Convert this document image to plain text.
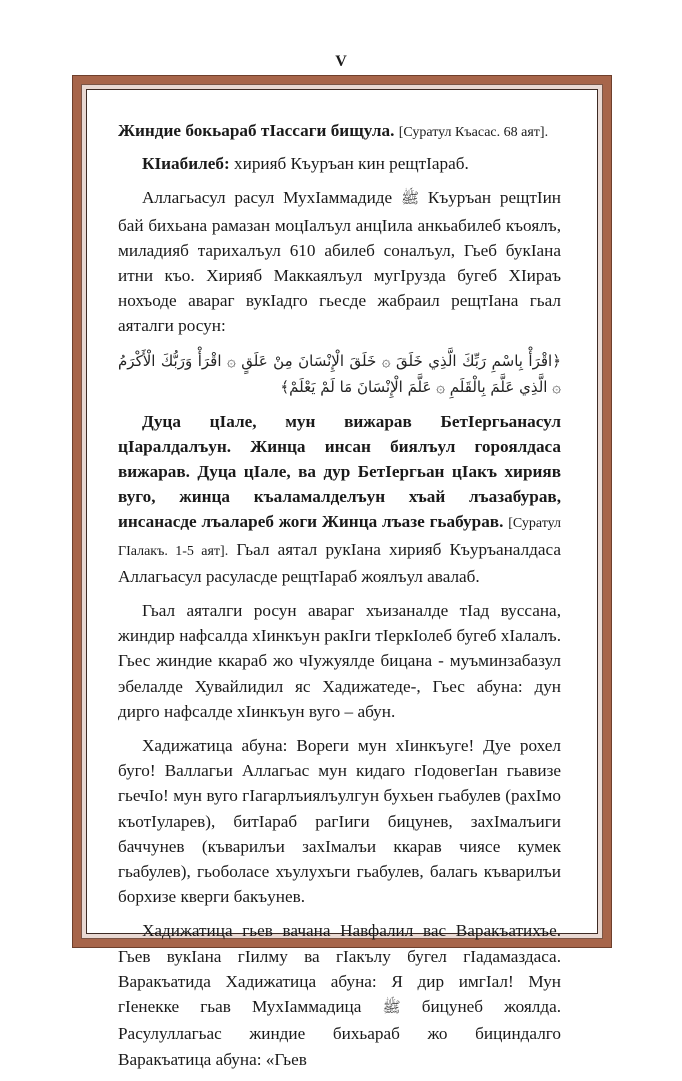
V

Жиндие бокьараб тIассаги бищула. [Суратул Къасас. 68 аят].

КIиабилеб: хирияб Къуръан кин рещтIараб.

Аллагьасул расул МухIаммадиде ﷺ Къуръан рещтIин бай бихьана рамазан моцIалъул анцIила анкьабилеб къоялъ, миладияб тарихалъул 610 абилеб соналъул, Гьеб букIана итни къо. Хирияб Маккаялъул мугIрузда бугеб ХIираъ нохъоде авараг вукIадго гьесде жабраил рещтIана гьал аяталги росун:

﴿اقْرَأْ بِاسْمِ رَبِّكَ الَّذِي خَلَقَ ۞ خَلَقَ الْإِنْسَانَ مِنْ عَلَقٍ ۞ اقْرَأْ وَرَبُّكَ الْأَكْرَمُ ۞ الَّذِي عَلَّمَ بِالْقَلَمِ ۞ عَلَّمَ الْإِنْسَانَ مَا لَمْ يَعْلَمْ﴾

Дуца цIале, мун вижарав БетIергьанасул цIаралдалъун. Жинца инсан биялъул гороялдаса вижарав. Дуца цIале, ва дур БетIергьан цIакъ хирияв вуго, жинца къаламалделъун хъай лъазабурав, инсанасде лъалареб жоги Жинца лъазе гьабурав. [Суратул ГIалакъ. 1-5 аят]. Гьал аятал рукIана хирияб Къуръаналдаса Аллагьасул расуласде рещтIараб жоялъул авалаб.

Гьал аяталги росун авараг хъизаналде тIад вуссана, жиндир нафсалда хIинкъун ракIги тIеркIолеб бугеб хIалалъ. Гьес жиндие ккараб жо чIужуялде бицана - муъминзабазул эбелалде Хувайлидил яс Хадижатеде-, Гьес абуна: дун дирго нафсалде хIинкъун вуго – абун.

Хадижатица абуна: Вореги мун хIинкъуге! Дуе рохел буго! Валлагьи Аллагьас мун кидаго гIодовегIан гьавизе гьечIо! мун вуго гIагарлъиялъулгун бухьен гьабулев (рахIмо къотIуларев), битIараб рагIиги бицунев, захIмалъиги баччунев (къварилъи захIмалъи ккарав чиясе кумек гьабулев), гьоболасе хъулухъги гьабулев, балагь къварилъи борхизе кверги бакъунев.

Хадижатица гьев вачана Навфалил вас Варакъатихъе. Гьев вукIана гIилму ва гIакълу бугел гIадамаздаса. Варакъатида Хадижатица абуна: Я дир имгIал! Мун гIенекке гьав МухIаммадица ﷺ бицунеб жоялда. Расулуллагьас жиндие бихьараб жо бициндалго Варакъатица абуна: «Гьев
